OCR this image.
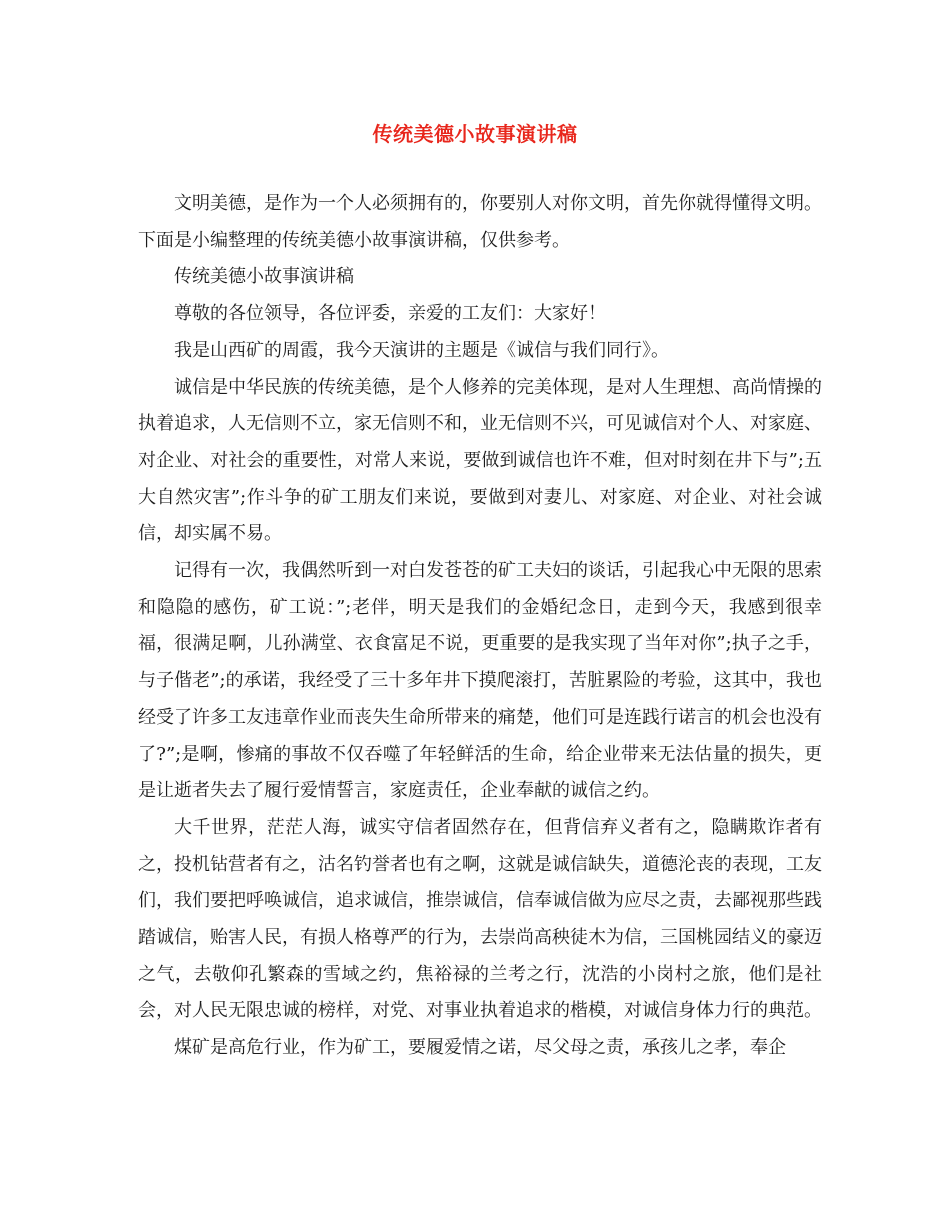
传统美德小故事演讲稿

文明美德，是作为一个人必须拥有的，你要别人对你文明，首先你就得懂得文明。下面是小编整理的传统美德小故事演讲稿，仅供参考。

传统美德小故事演讲稿

尊敬的各位领导，各位评委，亲爱的工友们：大家好！

我是山西矿的周霞，我今天演讲的主题是《诚信与我们同行》。

诚信是中华民族的传统美德，是个人修养的完美体现，是对人生理想、高尚情操的执着追求，人无信则不立，家无信则不和，业无信则不兴，可见诚信对个人、对家庭、对企业、对社会的重要性，对常人来说，要做到诚信也许不难，但对时刻在井下与”;五大自然灾害”;作斗争的矿工朋友们来说，要做到对妻儿、对家庭、对企业、对社会诚信，却实属不易。

记得有一次，我偶然听到一对白发苍苍的矿工夫妇的谈话，引起我心中无限的思索和隐隐的感伤，矿工说：”;老伴，明天是我们的金婚纪念日，走到今天，我感到很幸福，很满足啊，儿孙满堂、衣食富足不说，更重要的是我实现了当年对你”;执子之手，与子偕老”;的承诺，我经受了三十多年井下摸爬滚打，苦脏累险的考验，这其中，我也经受了许多工友违章作业而丧失生命所带来的痛楚，他们可是连践行诺言的机会也没有了?”;是啊，惨痛的事故不仅吞噬了年轻鲜活的生命，给企业带来无法估量的损失，更是让逝者失去了履行爱情誓言，家庭责任，企业奉献的诚信之约。

大千世界，茫茫人海，诚实守信者固然存在，但背信弃义者有之，隐瞒欺诈者有之，投机钻营者有之，沽名钓誉者也有之啊，这就是诚信缺失，道德沦丧的表现，工友们，我们要把呼唤诚信，追求诚信，推崇诚信，信奉诚信做为应尽之责，去鄙视那些践踏诚信，贻害人民，有损人格尊严的行为，去崇尚高秧徒木为信，三国桃园结义的豪迈之气，去敬仰孔繁森的雪域之约，焦裕禄的兰考之行，沈浩的小岗村之旅，他们是社会，对人民无限忠诚的榜样，对党、对事业执着追求的楷模，对诚信身体力行的典范。

煤矿是高危行业，作为矿工，要履爱情之诺，尽父母之责，承孩儿之孝，奉企
